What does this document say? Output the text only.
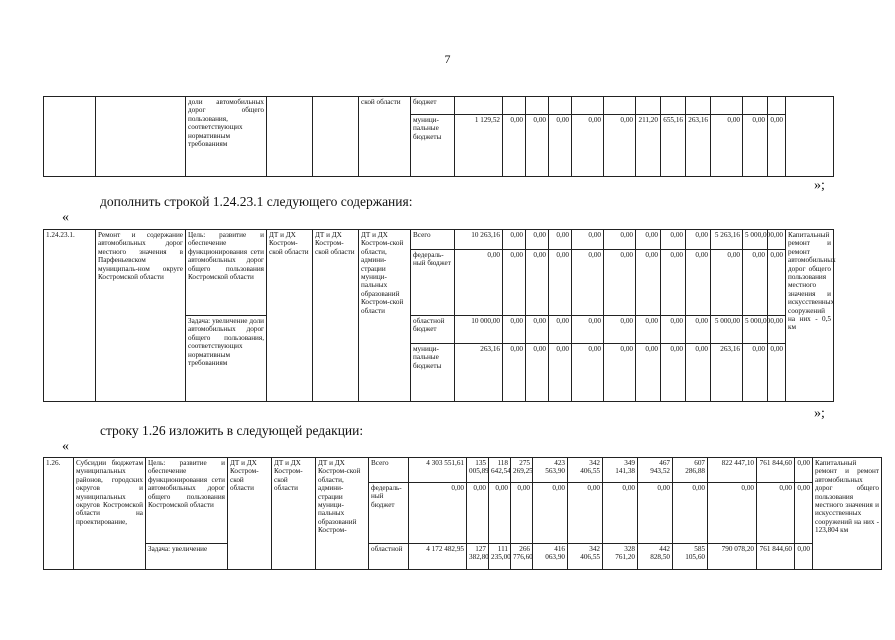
7
		доли автомобильных дорог общего пользования, соответствующих нормативным требованиям			ской области	бюджет													
						муници-пальные бюджеты	1 129,52	0,00	0,00	0,00	0,00	0,00	211,20	655,16	263,16	0,00	0,00	0,00	
»;
дополнить строкой 1.24.23.1 следующего содержания:
«
1.24.23.1.	Ремонт и содержание автомобильных дорог местного значения в Парфеньевском муниципаль-ном округе Костромской области	Цель: развитие и обеспечение функционирования сети автомобильных дорог общего пользования Костромской области	ДТ и ДХ Костром-ской области	ДТ и ДХ Костром-ской области	ДТ и ДХ Костром-ской области, админи-страции муници-пальных образований Костром-ской области	Всего	10 263,16	0,00	0,00	0,00	0,00	0,00	0,00	0,00	0,00	5 263,16	5 000,00	0,00	Капитальный ремонт и ремонт автомобильных дорог общего пользования местного значения и искусственных сооружений на них - 0,5 км
						федераль-ный бюджет	0,00	0,00	0,00	0,00	0,00	0,00	0,00	0,00	0,00	0,00	0,00	0,00	
		Задача: увеличение доли автомобильных дорог общего пользования, соответствующих нормативным требованиям				областной бюджет	10 000,00	0,00	0,00	0,00	0,00	0,00	0,00	0,00	0,00	5 000,00	5 000,00	0,00	
						муници-пальные бюджеты	263,16	0,00	0,00	0,00	0,00	0,00	0,00	0,00	0,00	263,16	0,00	0,00	
»;
строку 1.26 изложить в следующей редакции:
«
1.26.	Субсидии бюджетам муниципальных районов, городских округов и муниципальных округов Костромской области на проектирование,	Цель: развитие и обеспечение функционирования сети автомобильных дорог общего пользования Костромской области	ДТ и ДХ Костром-ской области	ДТ и ДХ Костром-ской области	ДТ и ДХ Костром-ской области, админи-страции муници-пальных образований Костром-	Всего	4 303 551,61	135 005,89	118 642,54	275 269,25	423 563,90	342 406,55	349 141,38	467 943,52	607 286,88	822 447,10	761 844,60	0,00	Капитальный ремонт и ремонт автомобильных дорог общего пользования местного значения и искусственных сооружений на них - 123,804 км
						федераль-ный бюджет	0,00	0,00	0,00	0,00	0,00	0,00	0,00	0,00	0,00	0,00	0,00	0,00	
		Задача: увеличение				областной	4 172 482,95	127 382,80	111 235,00	266 776,60	416 063,90	342 406,55	328 761,20	442 828,50	585 105,60	790 078,20	761 844,60	0,00	
